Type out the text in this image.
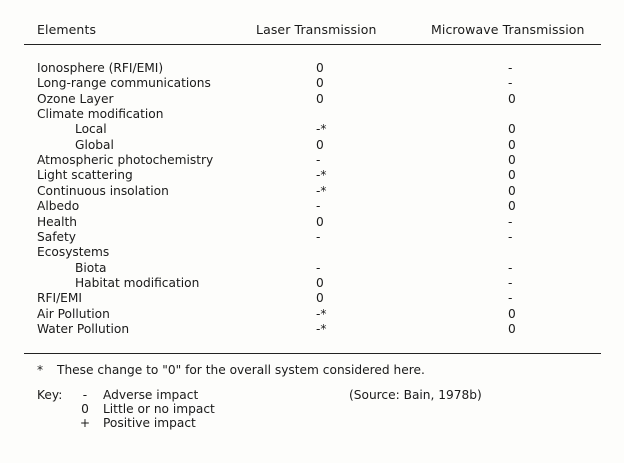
Elements	Laser Transmission	Microwave Transmission
Ionosphere (RFI/EMI)	0	-
Long-range communications	0	-
Ozone Layer	0	0
Climate modification
Local	-*	0
Global	0	0
Atmospheric photochemistry	-	0
Light scattering	-*	0
Continuous insolation	-*	0
Albedo	-	0
Health	0	-
Safety	-	-
Ecosystems
Biota	-	-
Habitat modification	0	-
RFI/EMI	0	-
Air Pollution	-*	0
Water Pollution	-*	0
* These change to "0" for the overall system considered here.
Key:	- Adverse impact
0 Little or no impact
+ Positive impact
(Source: Bain, 1978b)
